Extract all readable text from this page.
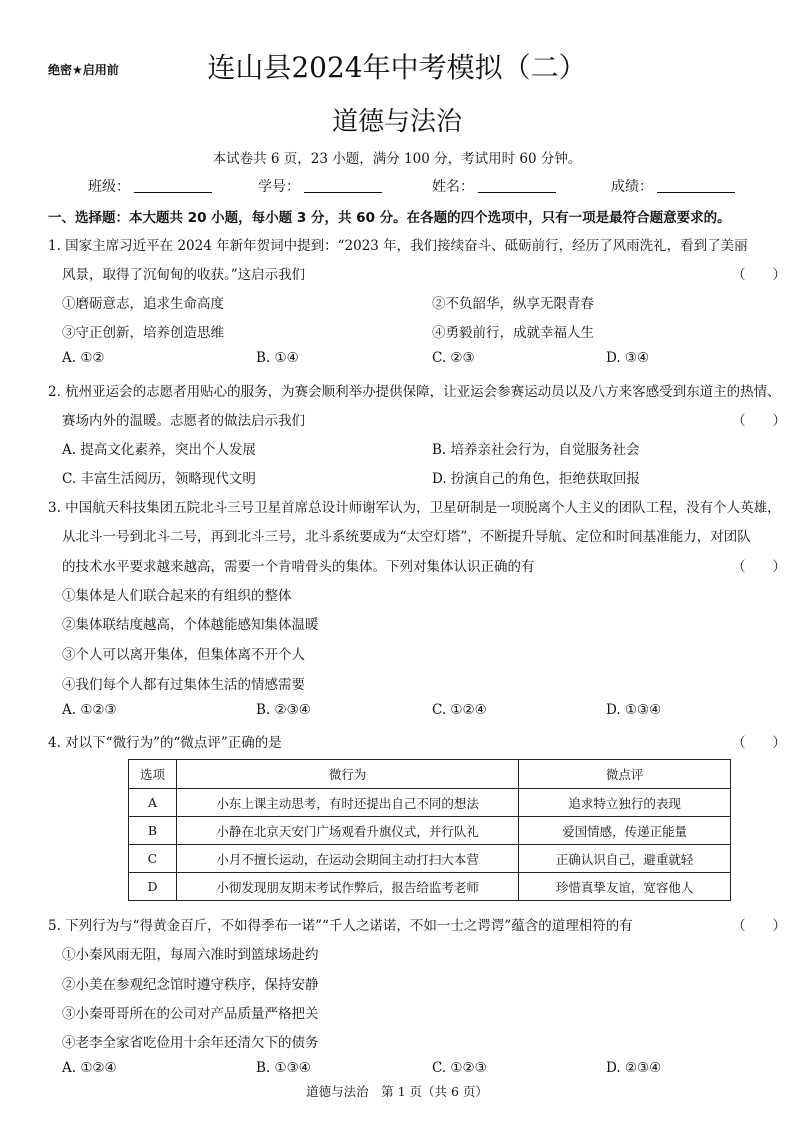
绝密★启用前	连山县2024年中考模拟（二）
道德与法治
本试卷共 6 页，23 小题，满分 100 分，考试用时 60 分钟。
班级：	学号：	姓名：	成绩：
一、选择题：本大题共 20 小题，每小题 3 分，共 60 分。在各题的四个选项中，只有一项是最符合题意要求的。
1. 国家主席习近平在 2024 年新年贺词中提到：“2023 年，我们接续奋斗、砥砺前行，经历了风雨洗礼，看到了美丽
风景，取得了沉甸甸的收获。”这启示我们	（　　）
①磨砺意志，追求生命高度	②不负韶华，纵享无限青春
③守正创新，培养创造思维	④勇毅前行，成就幸福人生
A. ①②	B. ①④	C. ②③	D. ③④
2. 杭州亚运会的志愿者用贴心的服务，为赛会顺利举办提供保障，让亚运会参赛运动员以及八方来客感受到东道主的热情、
赛场内外的温暖。志愿者的做法启示我们	（　　）
A. 提高文化素养，突出个人发展	B. 培养亲社会行为，自觉服务社会
C. 丰富生活阅历，领略现代文明	D. 扮演自己的角色，拒绝获取回报
3. 中国航天科技集团五院北斗三号卫星首席总设计师谢军认为，卫星研制是一项脱离个人主义的团队工程，没有个人英雄，
从北斗一号到北斗二号，再到北斗三号，北斗系统要成为“太空灯塔”，不断提升导航、定位和时间基准能力，对团队
的技术水平要求越来越高，需要一个肯啃骨头的集体。下列对集体认识正确的有	（　　）
①集体是人们联合起来的有组织的整体
②集体联结度越高，个体越能感知集体温暖
③个人可以离开集体，但集体离不开个人
④我们每个人都有过集体生活的情感需要
A. ①②③	B. ②③④	C. ①②④	D. ①③④
4. 对以下“微行为”的“微点评”正确的是	（　　）
选项	微行为	微点评
A	小东上课主动思考，有时还提出自己不同的想法	追求特立独行的表现
B	小静在北京天安门广场观看升旗仪式，并行队礼	爱国情感，传递正能量
C	小月不擅长运动，在运动会期间主动打扫大本营	正确认识自己，避重就轻
D	小彻发现朋友期末考试作弊后，报告给监考老师	珍惜真挚友谊，宽容他人
5. 下列行为与“得黄金百斤，不如得季布一诺”“千人之诺诺，不如一士之谔谔”蕴含的道理相符的有	（　　）
①小秦风雨无阻，每周六准时到篮球场赴约
②小美在参观纪念馆时遵守秩序，保持安静
③小秦哥哥所在的公司对产品质量严格把关
④老李全家省吃俭用十余年还清欠下的债务
A. ①②④	B. ①③④	C. ①②③	D. ②③④
道德与法治　第 1 页（共 6 页）
